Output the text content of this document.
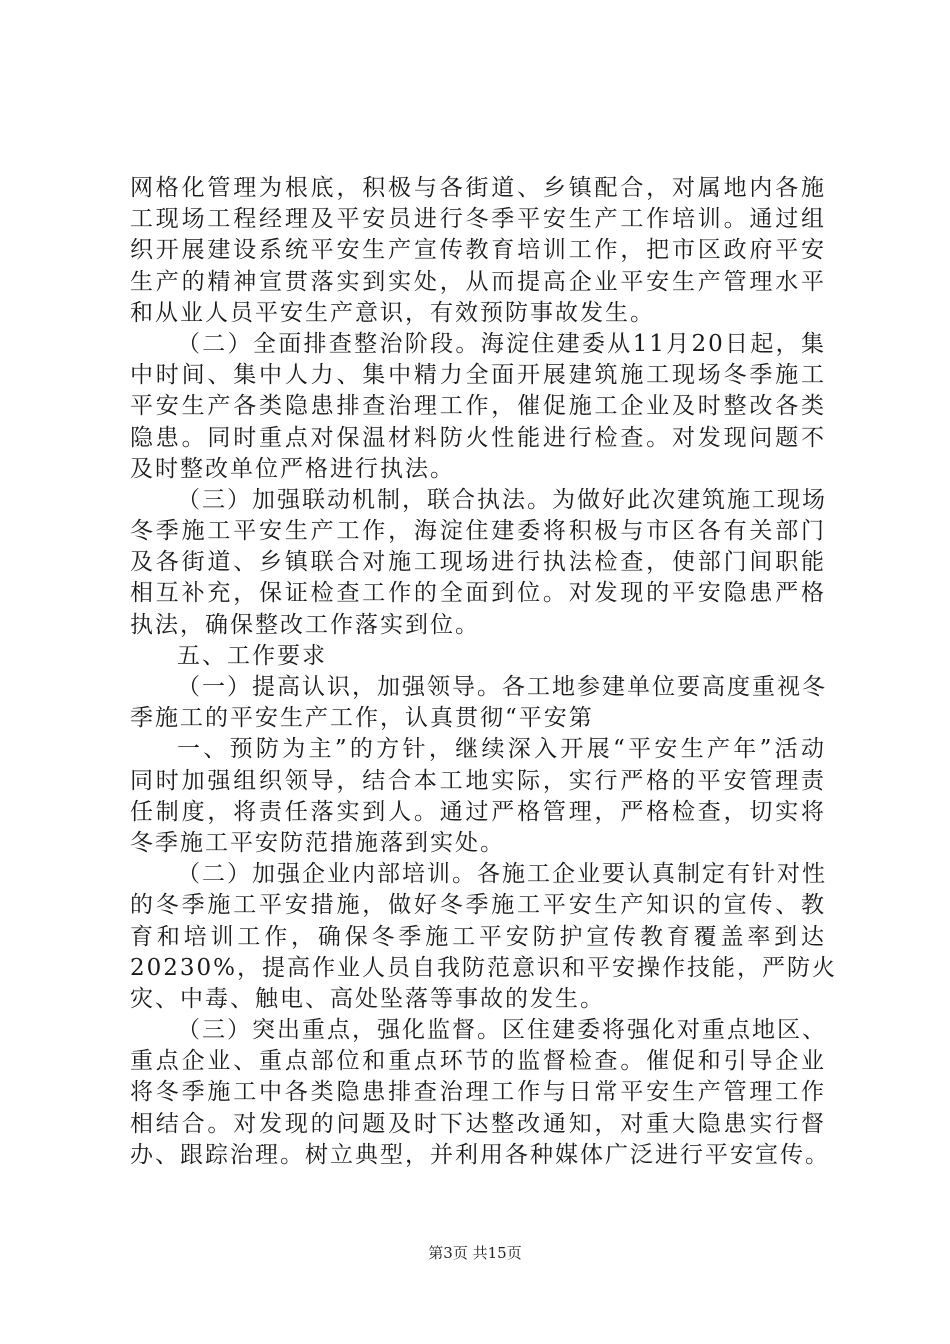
网格化管理为根底，积极与各街道、乡镇配合，对属地内各施
工现场工程经理及平安员进行冬季平安生产工作培训。通过组
织开展建设系统平安生产宣传教育培训工作，把市区政府平安
生产的精神宣贯落实到实处，从而提高企业平安生产管理水平
和从业人员平安生产意识，有效预防事故发生。
（二）全面排查整治阶段。海淀住建委从11月20日起，集
中时间、集中人力、集中精力全面开展建筑施工现场冬季施工
平安生产各类隐患排查治理工作，催促施工企业及时整改各类
隐患。同时重点对保温材料防火性能进行检查。对发现问题不
及时整改单位严格进行执法。
（三）加强联动机制，联合执法。为做好此次建筑施工现场
冬季施工平安生产工作，海淀住建委将积极与市区各有关部门
及各街道、乡镇联合对施工现场进行执法检查，使部门间职能
相互补充，保证检查工作的全面到位。对发现的平安隐患严格
执法，确保整改工作落实到位。
五、工作要求
（一）提高认识，加强领导。各工地参建单位要高度重视冬
季施工的平安生产工作，认真贯彻“平安第
一、预防为主”的方针，继续深入开展“平安生产年”活动
同时加强组织领导，结合本工地实际，实行严格的平安管理责
任制度，将责任落实到人。通过严格管理，严格检查，切实将
冬季施工平安防范措施落到实处。
（二）加强企业内部培训。各施工企业要认真制定有针对性
的冬季施工平安措施，做好冬季施工平安生产知识的宣传、教
育和培训工作，确保冬季施工平安防护宣传教育覆盖率到达
20230%，提高作业人员自我防范意识和平安操作技能，严防火
灾、中毒、触电、高处坠落等事故的发生。
（三）突出重点，强化监督。区住建委将强化对重点地区、
重点企业、重点部位和重点环节的监督检查。催促和引导企业
将冬季施工中各类隐患排查治理工作与日常平安生产管理工作
相结合。对发现的问题及时下达整改通知，对重大隐患实行督
办、跟踪治理。树立典型，并利用各种媒体广泛进行平安宣传。
第3页 共15页
